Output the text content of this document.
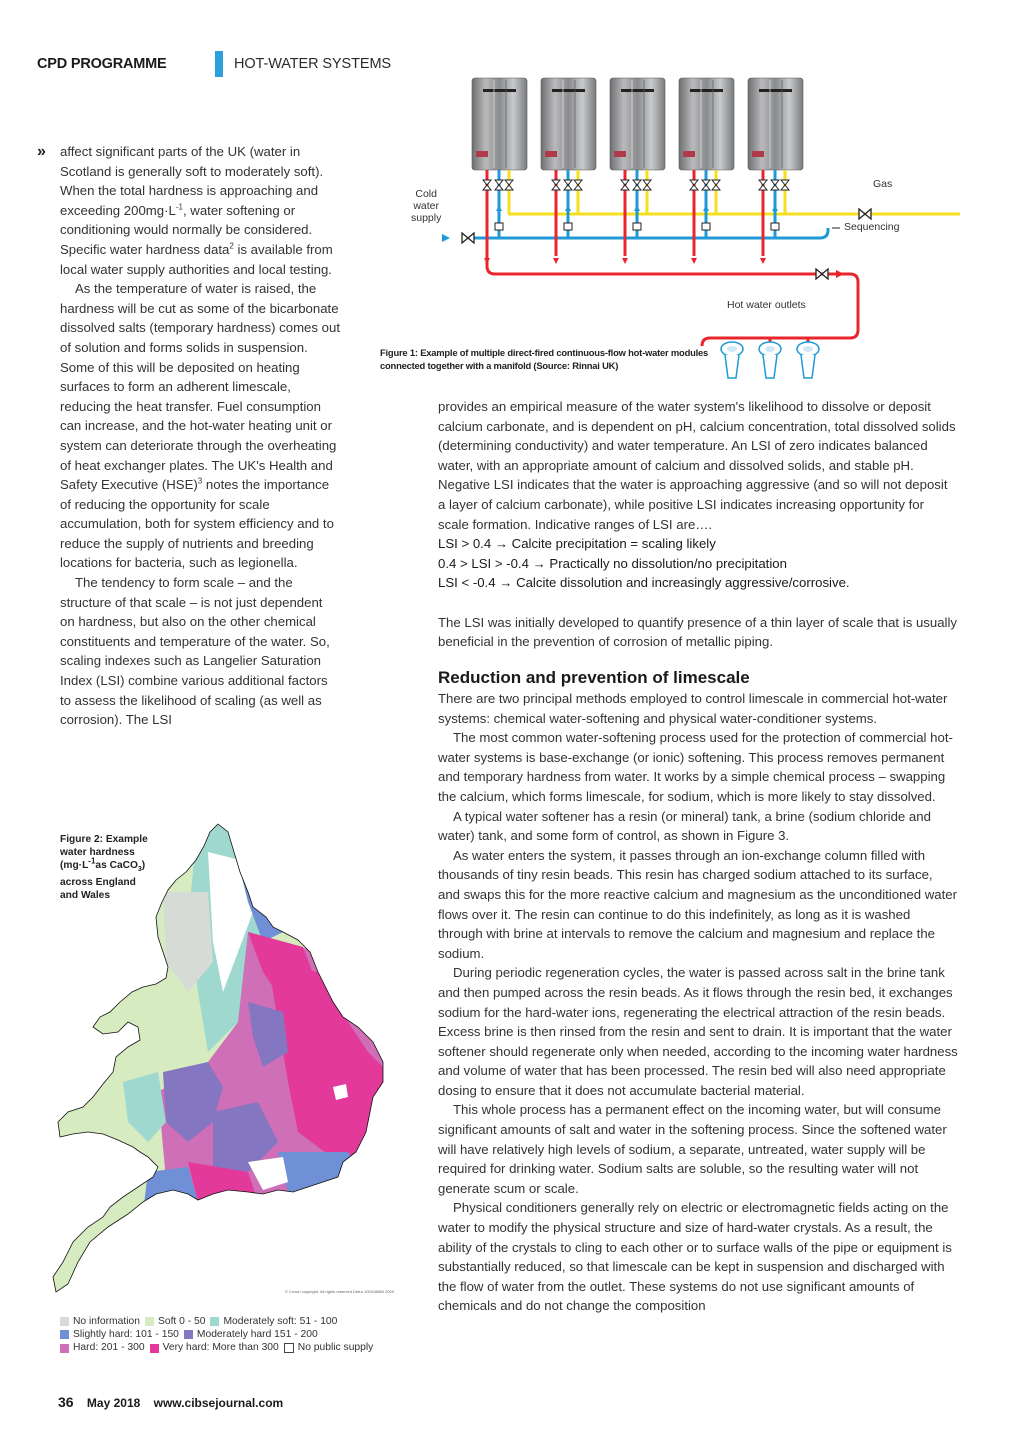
CPD PROGRAMME	HOT-WATER SYSTEMS
Cold
water
supply
Gas
Sequencing
Hot water outlets
Figure 1: Example of multiple direct-fired continuous-flow hot-water modules connected together with a manifold (Source: Rinnai UK)
» affect significant parts of the UK (water in Scotland is generally soft to moderately soft). When the total hardness is approaching and exceeding $200mg\cdot L^{-1}$, water softening or conditioning would normally be considered. Specific water hardness data$^2$ is available from local water supply authorities and local testing.

As the temperature of water is raised, the hardness will be cut as some of the bicarbonate dissolved salts (temporary hardness) comes out of solution and forms solids in suspension. Some of this will be deposited on heating surfaces to form an adherent limescale, reducing the heat transfer. Fuel consumption can increase, and the hot-water heating unit or system can deteriorate through the overheating of heat exchanger plates. The UK's Health and Safety Executive (HSE)$^3$ notes the importance of reducing the opportunity for scale accumulation, both for system efficiency and to reduce the supply of nutrients and breeding locations for bacteria, such as legionella.

The tendency to form scale – and the structure of that scale – is not just dependent on hardness, but also on the other chemical constituents and temperature of the water. So, scaling indexes such as Langelier Saturation Index (LSI) combine various additional factors to assess the likelihood of scaling (as well as corrosion). The LSI

Figure 2: Example
water hardness
($mg\cdot L^{-1}as$ CaCO$_3$)
across England
and Wales
© Crown copyright. All rights reserved Defra 100018880 2009
No information Soft 0 - 50 Moderately soft: 51 - 100
Slightly hard: 101 - 150 Moderately hard 151 - 200
Hard: 201 - 300 Very hard: More than 300 No public supply

provides an empirical measure of the water system's likelihood to dissolve or deposit calcium carbonate, and is dependent on pH, calcium concentration, total dissolved solids (determining conductivity) and water temperature. An LSI of zero indicates balanced water, with an appropriate amount of calcium and dissolved solids, and stable pH. Negative LSI indicates that the water is approaching aggressive (and so will not deposit a layer of calcium carbonate), while positive LSI indicates increasing opportunity for scale formation. Indicative ranges of LSI are….

LSI > 0.4 → Calcite precipitation = scaling likely

0.4 > LSI > -0.4 → Practically no dissolution/no precipitation

LSI < -0.4 → Calcite dissolution and increasingly aggressive/corrosive.

The LSI was initially developed to quantify presence of a thin layer of scale that is usually beneficial in the prevention of corrosion of metallic piping.

Reduction and prevention of limescale

There are two principal methods employed to control limescale in commercial hot-water systems: chemical water-softening and physical water-conditioner systems.

The most common water-softening process used for the protection of commercial hot-water systems is base-exchange (or ionic) softening. This process removes permanent and temporary hardness from water. It works by a simple chemical process – swapping the calcium, which forms limescale, for sodium, which is more likely to stay dissolved.

A typical water softener has a resin (or mineral) tank, a brine (sodium chloride and water) tank, and some form of control, as shown in Figure 3.

As water enters the system, it passes through an ion-exchange column filled with thousands of tiny resin beads. This resin has charged sodium attached to its surface, and swaps this for the more reactive calcium and magnesium as the unconditioned water flows over it. The resin can continue to do this indefinitely, as long as it is washed through with brine at intervals to remove the calcium and magnesium and replace the sodium.

During periodic regeneration cycles, the water is passed across salt in the brine tank and then pumped across the resin beads. As it flows through the resin bed, it exchanges sodium for the hard-water ions, regenerating the electrical attraction of the resin beads. Excess brine is then rinsed from the resin and sent to drain. It is important that the water softener should regenerate only when needed, according to the incoming water hardness and volume of water that has been processed. The resin bed will also need appropriate dosing to ensure that it does not accumulate bacterial material.

This whole process has a permanent effect on the incoming water, but will consume significant amounts of salt and water in the softening process. Since the softened water will have relatively high levels of sodium, a separate, untreated, water supply will be required for drinking water. Sodium salts are soluble, so the resulting water will not generate scum or scale.

Physical conditioners generally rely on electric or electromagnetic fields acting on the water to modify the physical structure and size of hard-water crystals. As a result, the ability of the crystals to cling to each other or to surface walls of the pipe or equipment is substantially reduced, so that limescale can be kept in suspension and discharged with the flow of water from the outlet. These systems do not use significant amounts of chemicals and do not change the composition

36 May 2018 www.cibsejournal.com
